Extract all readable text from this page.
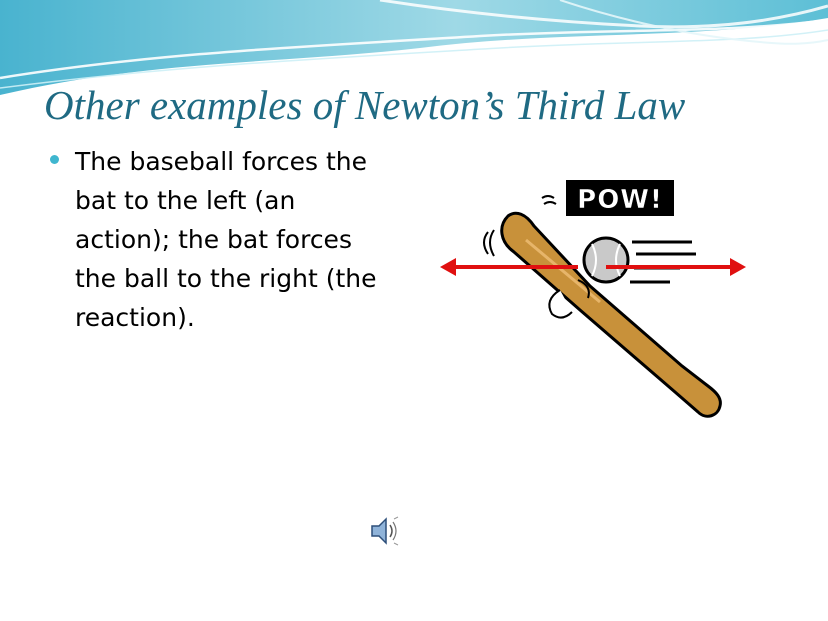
Other examples of Newton’s Third Law
The baseball forces the bat to the left (an action); the bat forces the ball to the right (the reaction).
POW!
